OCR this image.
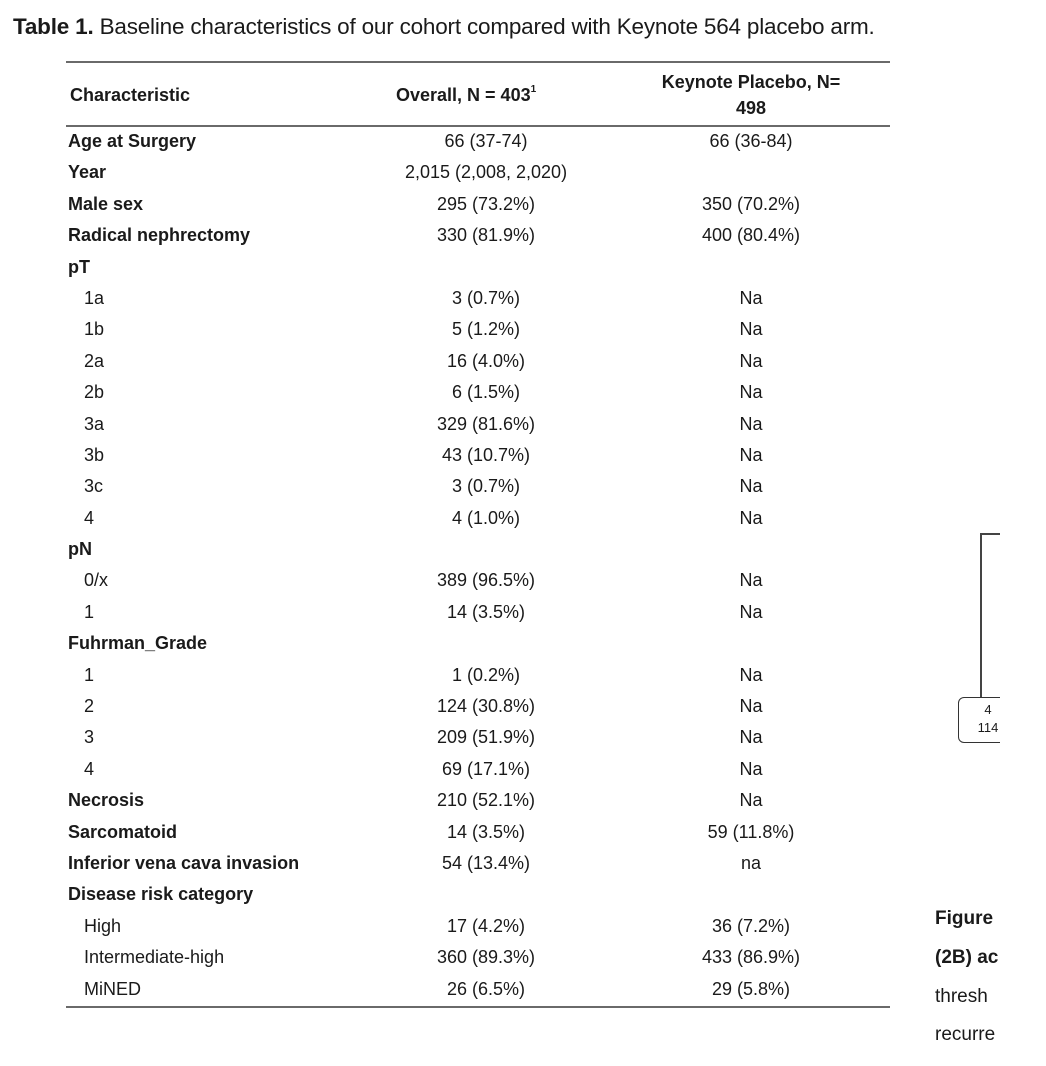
Table 1. Baseline characteristics of our cohort compared with Keynote 564 placebo arm.
Characteristic	Overall, $N = 403^1$	Keynote Placebo, N=
498
Age at Surgery	66 (37-74)	66 (36-84)
Year	2,015 (2,008, 2,020)
Male sex	295 (73.2%)	350 (70.2%)
Radical nephrectomy	330 (81.9%)	400 (80.4%)
pT
1a	3 (0.7%)	Na
1b	5 (1.2%)	Na
2a	16 (4.0%)	Na
2b	6 (1.5%)	Na
3a	329 (81.6%)	Na
3b	43 (10.7%)	Na
3c	3 (0.7%)	Na
4	4 (1.0%)	Na
pN
0/x	389 (96.5%)	Na
1	14 (3.5%)	Na
Fuhrman_Grade
1	1 (0.2%)	Na
2	124 (30.8%)	Na
3	209 (51.9%)	Na
4	69 (17.1%)	Na
Necrosis	210 (52.1%)	Na
Sarcomatoid	14 (3.5%)	59 (11.8%)
Inferior vena cava invasion	54 (13.4%)	na
Disease risk category
High	17 (4.2%)	36 (7.2%)
Intermediate-high	360 (89.3%)	433 (86.9%)
MiNED	26 (6.5%)	29 (5.8%)
4
114
Figure
(2B) ac
thresh
recurre
